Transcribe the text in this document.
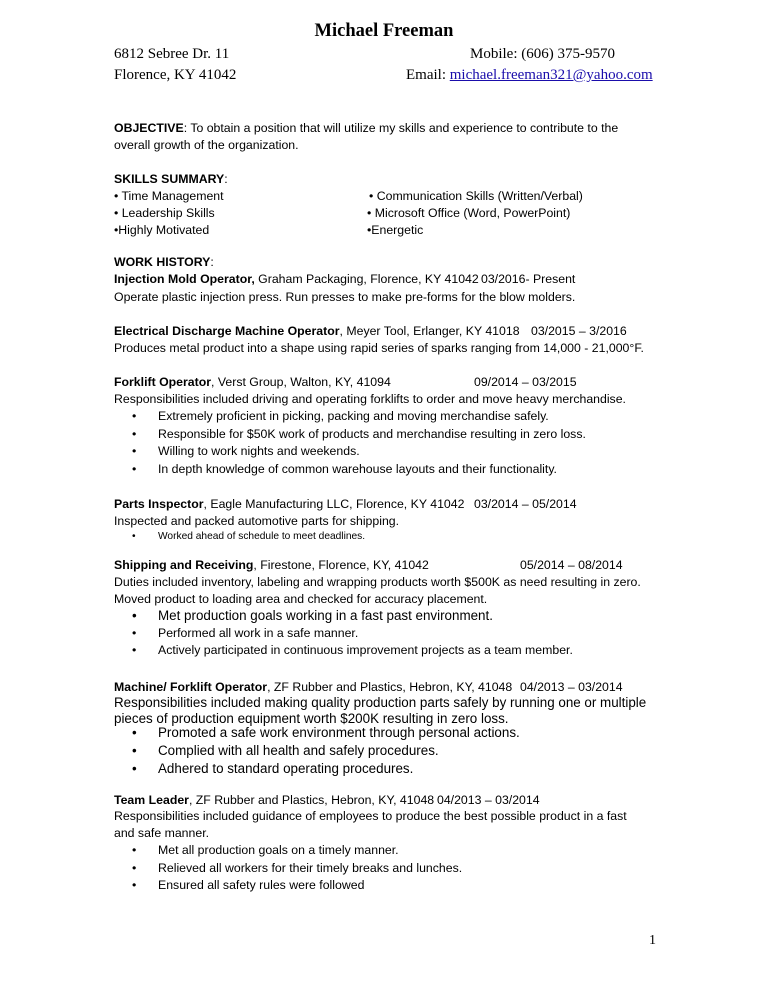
Michael Freeman
6812 Sebree Dr. 11
Florence, KY 41042
Mobile: (606) 375-9570
Email: michael.freeman321@yahoo.com
OBJECTIVE: To obtain a position that will utilize my skills and experience to contribute to the overall growth of the organization.
SKILLS SUMMARY:
• Time Management
• Leadership Skills
•Highly Motivated
• Communication Skills (Written/Verbal)
• Microsoft Office (Word, PowerPoint)
•Energetic
WORK HISTORY:
Injection Mold Operator, Graham Packaging, Florence, KY 41042 03/2016- Present
Operate plastic injection press. Run presses to make pre-forms for the blow molders.
Electrical Discharge Machine Operator, Meyer Tool, Erlanger, KY 41018 03/2015 – 3/2016
Produces metal product into a shape using rapid series of sparks ranging from 14,000 - 21,000°F.
Forklift Operator, Verst Group, Walton, KY, 41094	09/2014 – 03/2015
Responsibilities included driving and operating forklifts to order and move heavy merchandise.
• Extremely proficient in picking, packing and moving merchandise safely.
• Responsible for $50K work of products and merchandise resulting in zero loss.
• Willing to work nights and weekends.
• In depth knowledge of common warehouse layouts and their functionality.
Parts Inspector, Eagle Manufacturing LLC, Florence, KY 41042 03/2014 – 05/2014
Inspected and packed automotive parts for shipping.
• Worked ahead of schedule to meet deadlines.
Shipping and Receiving, Firestone, Florence, KY, 41042	05/2014 – 08/2014
Duties included inventory, labeling and wrapping products worth $500K as need resulting in zero. Moved product to loading area and checked for accuracy placement.
• Met production goals working in a fast past environment.
• Performed all work in a safe manner.
• Actively participated in continuous improvement projects as a team member.
Machine/ Forklift Operator, ZF Rubber and Plastics, Hebron, KY, 41048 04/2013 – 03/2014
Responsibilities included making quality production parts safely by running one or multiple pieces of production equipment worth $200K resulting in zero loss.
• Promoted a safe work environment through personal actions.
• Complied with all health and safely procedures.
• Adhered to standard operating procedures.
Team Leader, ZF Rubber and Plastics, Hebron, KY, 41048 04/2013 – 03/2014
Responsibilities included guidance of employees to produce the best possible product in a fast and safe manner.
• Met all production goals on a timely manner.
• Relieved all workers for their timely breaks and lunches.
• Ensured all safety rules were followed
1
